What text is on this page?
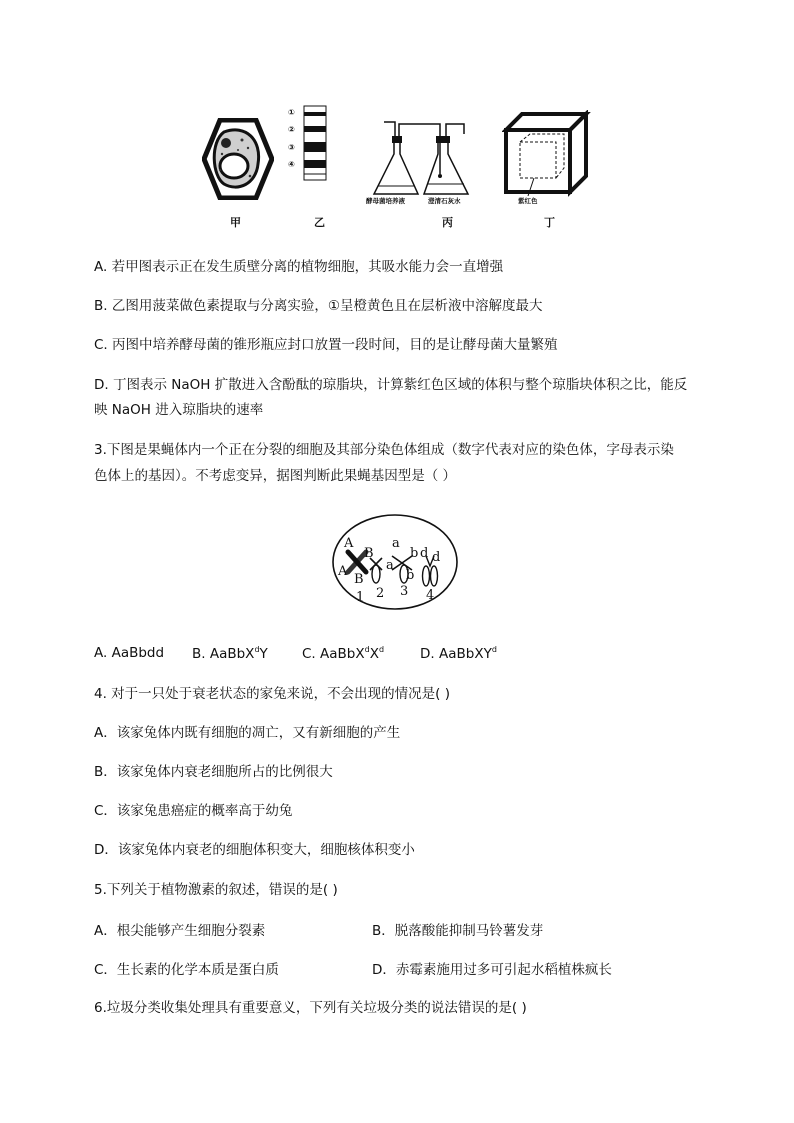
甲
①
②
③
④
乙
酵母菌培养液	澄清石灰水
丙
紫红色
丁
A. 若甲图表示正在发生质壁分离的植物细胞，其吸水能力会一直增强
B. 乙图用菠菜做色素提取与分离实验，①呈橙黄色且在层析液中溶解度最大
C. 丙图中培养酵母菌的锥形瓶应封口放置一段时间，目的是让酵母菌大量繁殖
D. 丁图表示 NaOH 扩散进入含酚酞的琼脂块，计算紫红色区域的体积与整个琼脂块体积之比，能反
映 NaOH 进入琼脂块的速率
3.下图是果蝇体内一个正在分裂的细胞及其部分染色体组成（数字代表对应的染色体，字母表示染
色体上的基因）。不考虑变异，据图判断此果蝇基因型是（ ）
A
B
A
B
a
a
b
b
d d
1 2 3 4
A. AaBbdd B. AaBbX$^d$Y	C. $AaBbX^dX^d$	D. AaBbXY$^d$
4. 对于一只处于衰老状态的家兔来说，不会出现的情况是( )
A．该家兔体内既有细胞的凋亡，又有新细胞的产生
B．该家兔体内衰老细胞所占的比例很大
C．该家兔患癌症的概率高于幼兔
D．该家兔体内衰老的细胞体积变大，细胞核体积变小
5.下列关于植物激素的叙述，错误的是( )
A．根尖能够产生细胞分裂素	B．脱落酸能抑制马铃薯发芽
C．生长素的化学本质是蛋白质	D．赤霉素施用过多可引起水稻植株疯长
6.垃圾分类收集处理具有重要意义，下列有关垃圾分类的说法错误的是( )
